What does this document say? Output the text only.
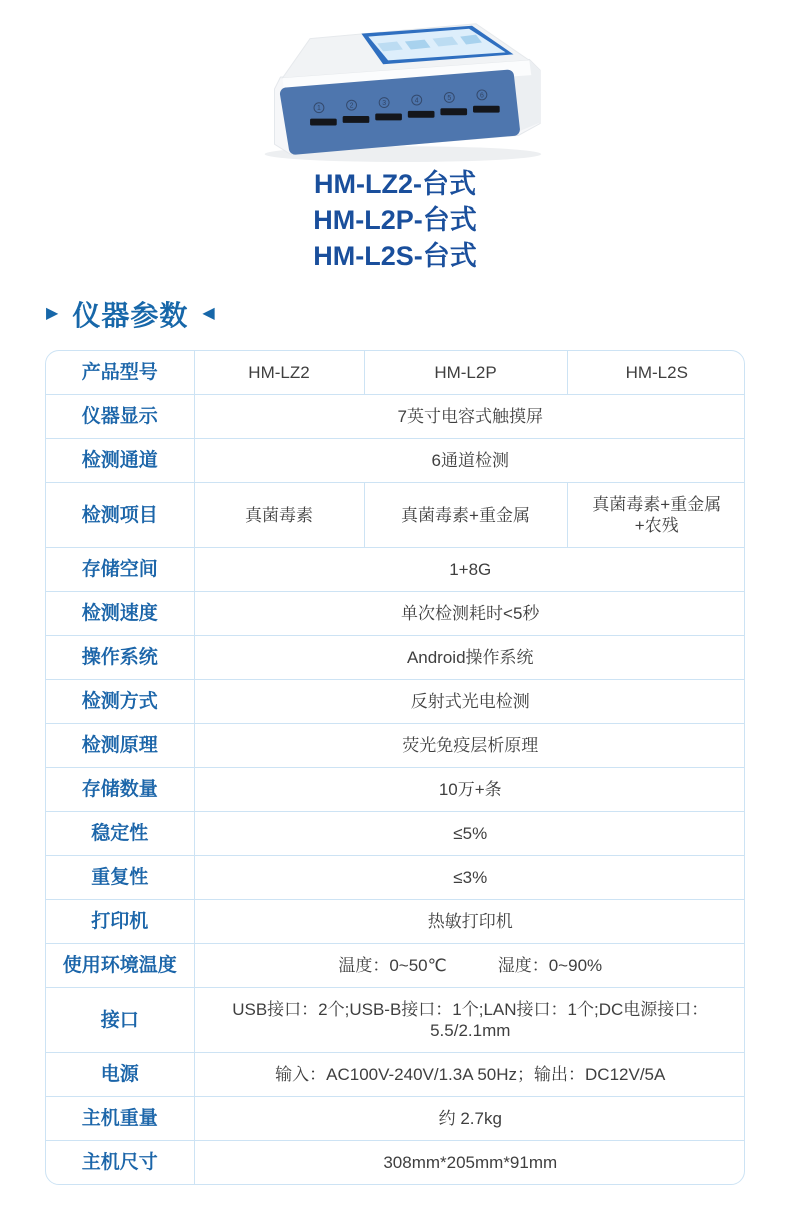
1	2	3	4	5	6
HM-LZ2-台式
HM-L2P-台式
HM-L2S-台式
▶ 仪器参数 ◀
产品型号	HM-LZ2	HM-L2P	HM-L2S
仪器显示	7英寸电容式触摸屏		
检测通道	6通道检测		
检测项目	真菌毒素	真菌毒素+重金属	真菌毒素+重金属+农残
存储空间	1+8G		
检测速度	单次检测耗时<5秒		
操作系统	Android操作系统		
检测方式	反射式光电检测		
检测原理	荧光免疫层析原理		
存储数量	10万+条		
稳定性	≤5%		
重复性	≤3%		
打印机	热敏打印机		
使用环境温度	温度：0~50℃　　　湿度：0~90%		
接口	USB接口：2个;USB-B接口：1个;LAN接口：1个;DC电源接口：5.5/2.1mm		
电源	输入：AC100V-240V/1.3A 50Hz；输出：DC12V/5A		
主机重量	约 2.7kg		
主机尺寸	308mm*205mm*91mm		
